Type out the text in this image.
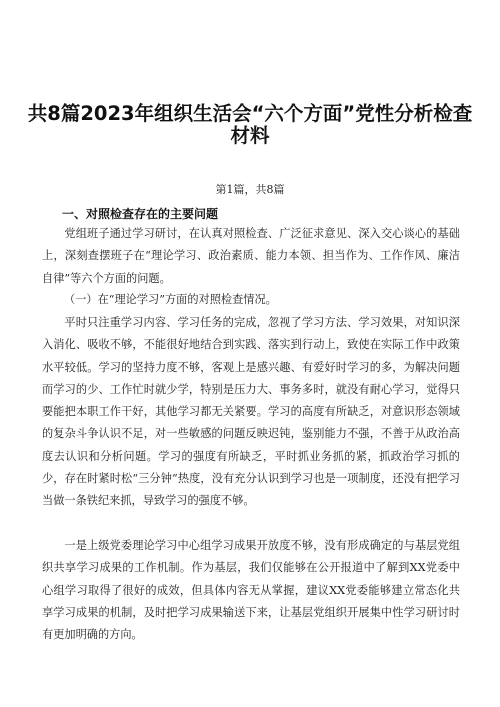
共8篇2023年组织生活会“六个方面”党性分析检查
材料
第1篇，共8篇
一、对照检查存在的主要问题

党组班子通过学习研讨，在认真对照检查、广泛征求意见、深入交心谈心的基础上，深刻查摆班子在“理论学习、政治素质、能力本领、担当作为、工作作风、廉洁自律”等六个方面的问题。

（一）在“理论学习”方面的对照检查情况。

平时只注重学习内容、学习任务的完成，忽视了学习方法、学习效果，对知识深入消化、吸收不够，不能很好地结合到实践、落实到行动上，致使在实际工作中政策水平较低。学习的坚持力度不够，客观上是感兴趣、有爱好时学习的多，为解决问题而学习的少、工作忙时就少学，特别是压力大、事务多时，就没有耐心学习，觉得只要能把本职工作干好，其他学习都无关紧要。学习的高度有所缺乏，对意识形态领域的复杂斗争认识不足，对一些敏感的问题反映迟钝，鉴别能力不强，不善于从政治高度去认识和分析问题。学习的强度有所缺乏，平时抓业务抓的紧，抓政治学习抓的少，存在时紧时松“三分钟”热度，没有充分认识到学习也是一项制度，还没有把学习当做一条铁纪来抓，导致学习的强度不够。

一是上级党委理论学习中心组学习成果开放度不够，没有形成确定的与基层党组织共享学习成果的工作机制。作为基层，我们仅能够在公开报道中了解到XX党委中心组学习取得了很好的成效，但具体内容无从掌握，建议XX党委能够建立常态化共享学习成果的机制，及时把学习成果输送下来，让基层党组织开展集中性学习研讨时有更加明确的方向。
